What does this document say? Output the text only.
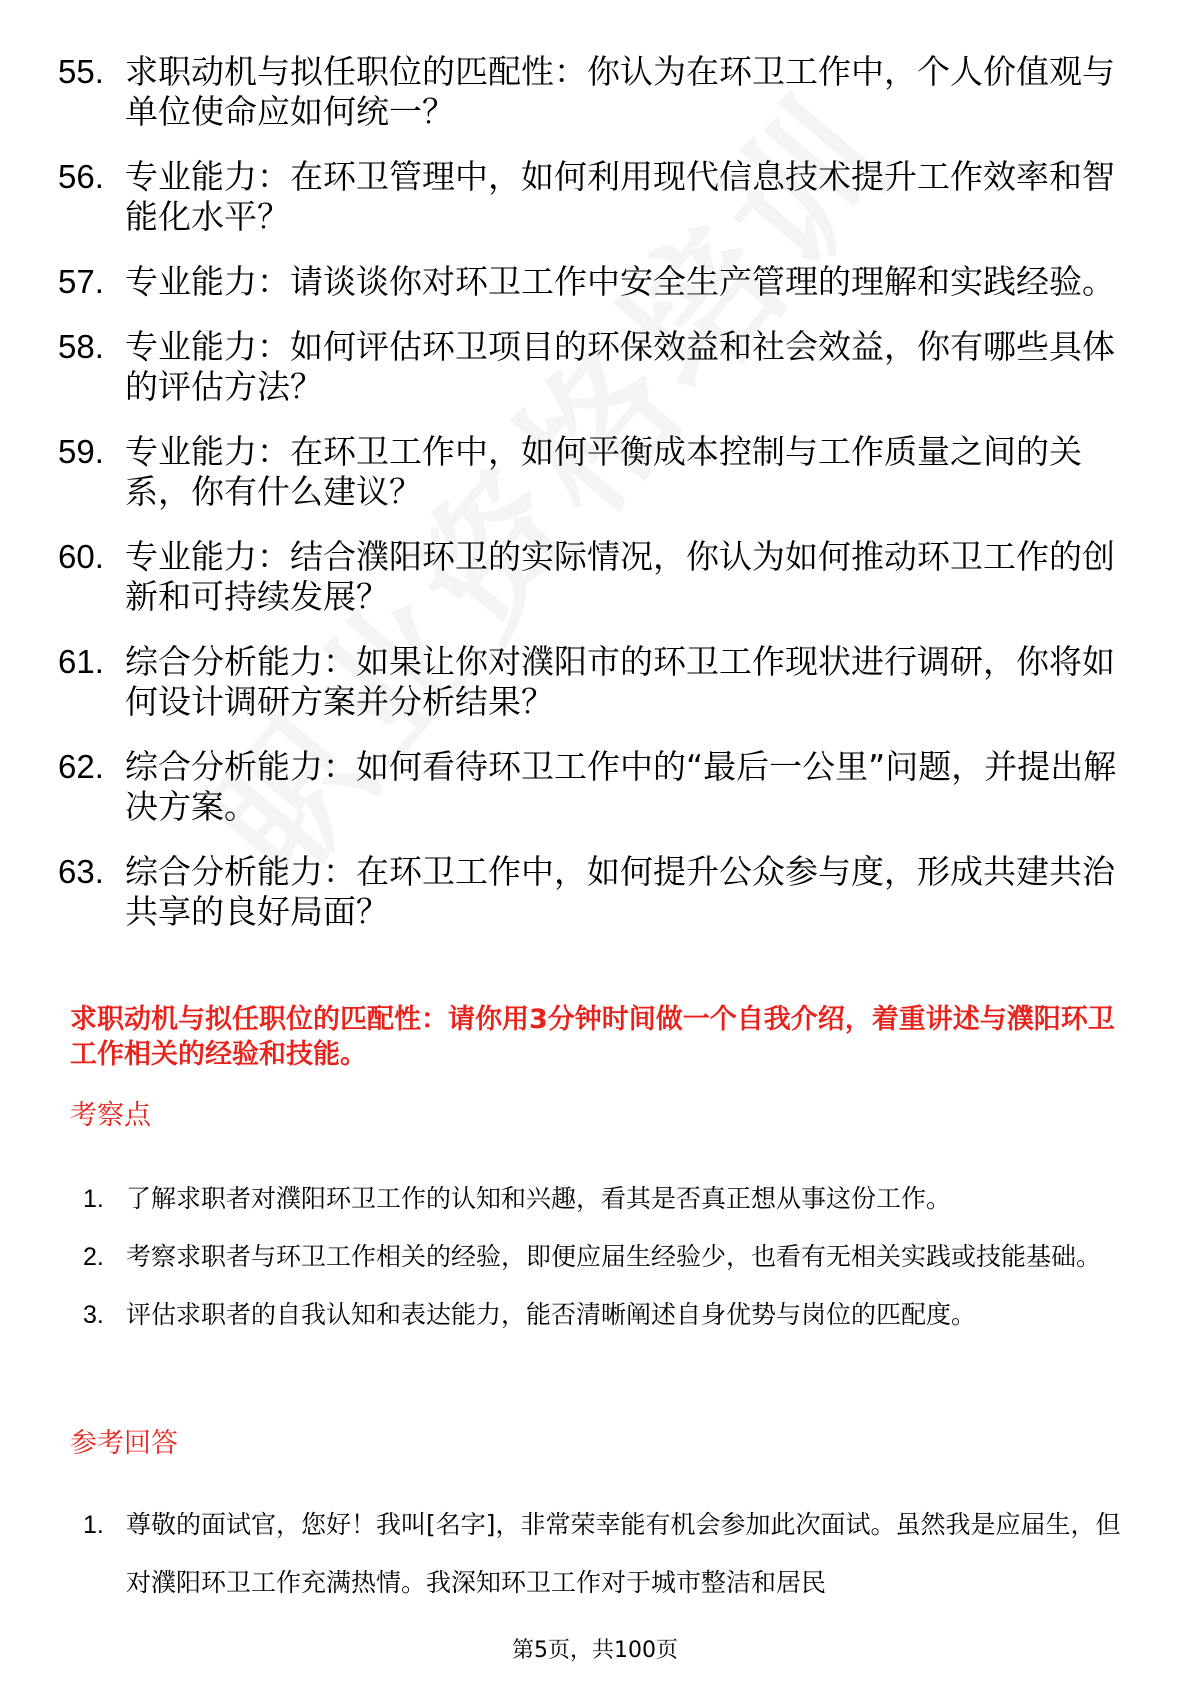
55. 求职动机与拟任职位的匹配性：你认为在环卫工作中，个人价值观与单位使命应如何统一？
56. 专业能力：在环卫管理中，如何利用现代信息技术提升工作效率和智能化水平？
57. 专业能力：请谈谈你对环卫工作中安全生产管理的理解和实践经验。
58. 专业能力：如何评估环卫项目的环保效益和社会效益，你有哪些具体的评估方法？
59. 专业能力：在环卫工作中，如何平衡成本控制与工作质量之间的关系，你有什么建议？
60. 专业能力：结合濮阳环卫的实际情况，你认为如何推动环卫工作的创新和可持续发展？
61. 综合分析能力：如果让你对濮阳市的环卫工作现状进行调研，你将如何设计调研方案并分析结果？
62. 综合分析能力：如何看待环卫工作中的“最后一公里”问题，并提出解决方案。
63. 综合分析能力：在环卫工作中，如何提升公众参与度，形成共建共治共享的良好局面？

求职动机与拟任职位的匹配性：请你用3分钟时间做一个自我介绍，着重讲述与濮阳环卫工作相关的经验和技能。

考察点

1. 了解求职者对濮阳环卫工作的认知和兴趣，看其是否真正想从事这份工作。
2. 考察求职者与环卫工作相关的经验，即便应届生经验少，也看有无相关实践或技能基础。
3. 评估求职者的自我认知和表达能力，能否清晰阐述自身优势与岗位的匹配度。

参考回答

1. 尊敬的面试官，您好！我叫[名字]，非常荣幸能有机会参加此次面试。虽然我是应届生，但对濮阳环卫工作充满热情。我深知环卫工作对于城市整洁和居民
第5页，共100页
